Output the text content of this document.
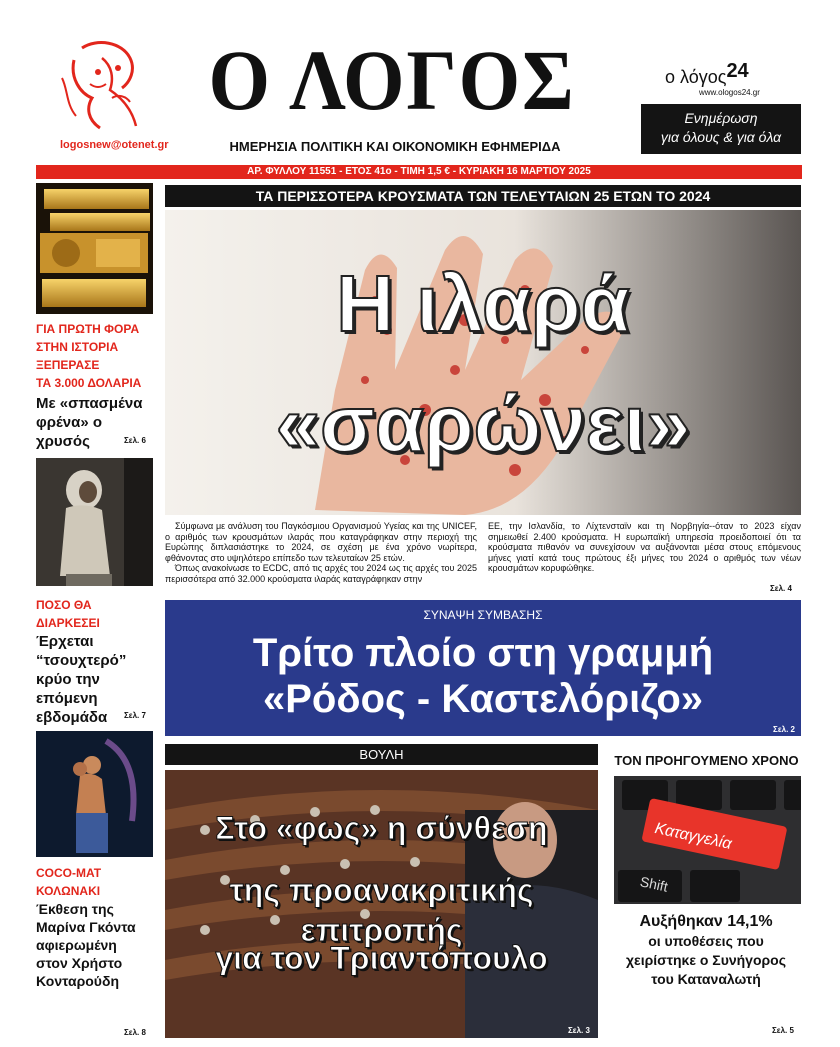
logosnew@otenet.gr
Ο ΛΟΓΟΣ
ΗΜΕΡΗΣΙΑ ΠΟΛΙΤΙΚΗ ΚΑΙ ΟΙΚΟΝΟΜΙΚΗ ΕΦΗΜΕΡΙΔΑ
ο λόγος24
www.ologos24.gr
Ενημέρωση
για όλους & για όλα
ΑΡ. ΦΥΛΛΟΥ 11551 - ΕΤΟΣ 41ο - ΤΙΜΗ 1,5 € - ΚΥΡΙΑΚΗ 16 ΜΑΡΤΙΟΥ 2025
ΓΙΑ ΠΡΩΤΗ ΦΟΡΑ
ΣΤΗΝ ΙΣΤΟΡΙΑ
ΞΕΠΕΡΑΣΕ
ΤΑ 3.000 ΔΟΛΑΡΙΑ
Με «σπασμένα
φρένα» ο χρυσός	Σελ. 6
ΠΟΣΟ ΘΑ ΔΙΑΡΚΕΣΕΙ
Έρχεται
“τσουχτερό”
κρύο την
επόμενη
εβδομάδα	Σελ. 7
COCO-MAT
ΚΟΛΩΝΑΚΙ
Έκθεση της
Μαρίνα Γκόντα
αφιερωμένη
στον Χρήστο
Κονταρούδη
Σελ. 8
ΤΑ ΠΕΡΙΣΣΟΤΕΡΑ ΚΡΟΥΣΜΑΤΑ ΤΩΝ ΤΕΛΕΥΤΑΙΩΝ 25 ΕΤΩΝ ΤΟ 2024
Η ιλαρά
«σαρώνει»
Σύμφωνα με ανάλυση του Παγκόσμιου Οργανισμού Υγείας και της UNICEF, ο αριθμός των κρουσμάτων ιλαράς που καταγράφηκαν στην περιοχή της Ευρώπης διπλασιάστηκε το 2024, σε σχέση με ένα χρόνο νωρίτερα, φθάνοντας στο υψηλότερο επίπεδο των τελευταίων 25 ετών.
Όπως ανακοίνωσε το ECDC, από τις αρχές του 2024 ως τις αρχές του 2025 περισσότερα από 32.000 κρούσματα ιλαράς καταγράφηκαν στην
ΕΕ, την Ισλανδία, το Λίχτενσταϊν και τη Νορβηγία--όταν το 2023 είχαν σημειωθεί 2.400 κρούσματα. Η ευρωπαϊκή υπηρεσία προειδοποιεί ότι τα κρούσματα πιθανόν να συνεχίσουν να αυξάνονται μέσα στους επόμενους μήνες γιατί κατά τους πρώτους έξι μήνες του 2024 ο αριθμός των νέων κρουσμάτων κορυφώθηκε.
Σελ. 4
ΣΥΝΑΨΗ ΣΥΜΒΑΣΗΣ
Τρίτο πλοίο στη γραμμή
«Ρόδος - Καστελόριζο»
Σελ. 2
ΒΟΥΛΗ
Στο «φως» η σύνθεση
της προανακριτικής επιτροπής
για τον Τριαντόπουλο
Σελ. 3
ΤΟΝ ΠΡΟΗΓΟΥΜΕΝΟ ΧΡΟΝΟ
Καταγγελία
Shift
Αυξήθηκαν 14,1%
οι υποθέσεις που
χειρίστηκε ο Συνήγορος
του Καταναλωτή
Σελ. 5
